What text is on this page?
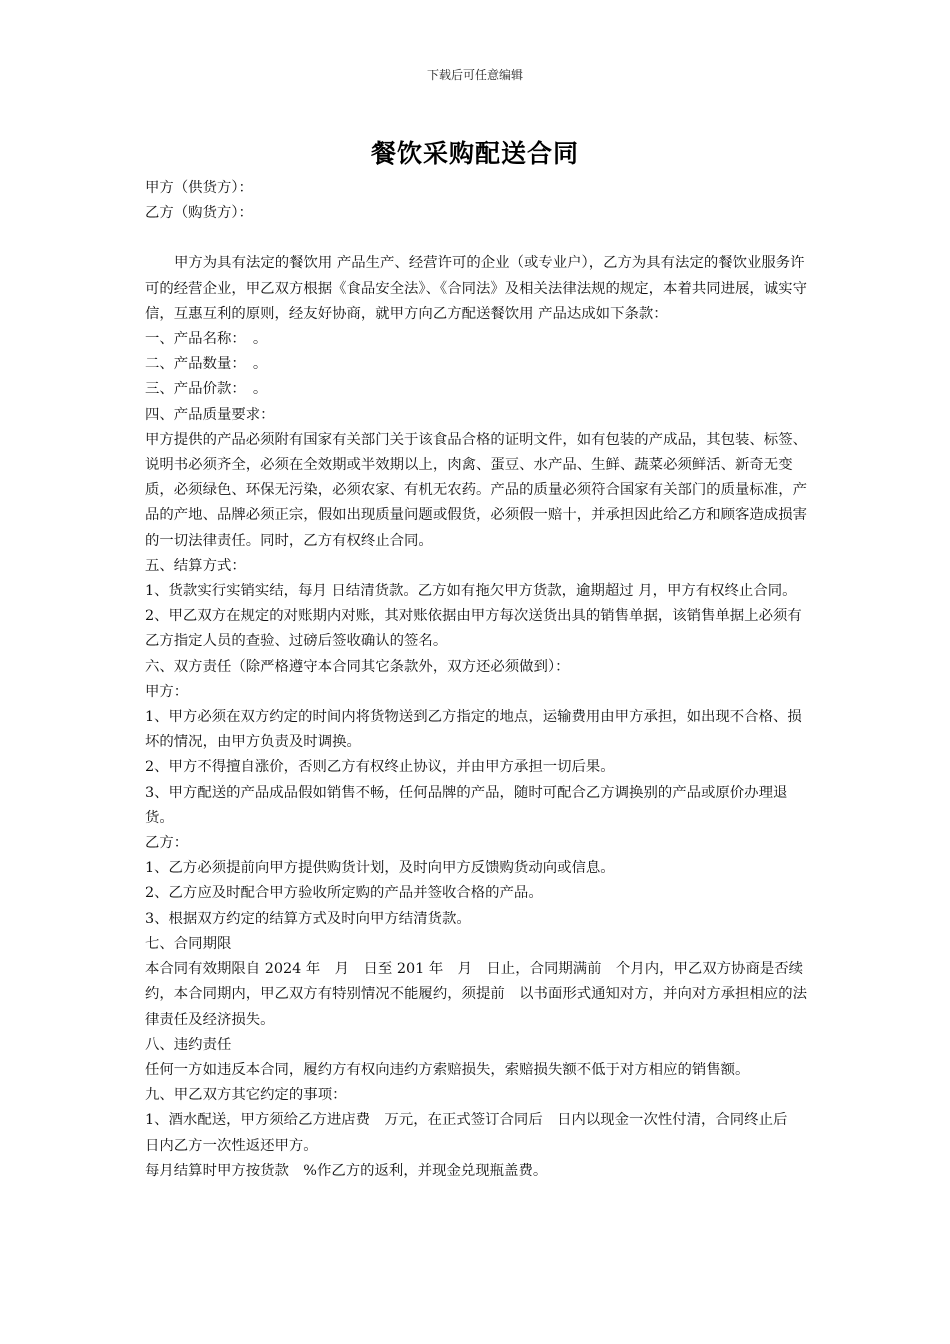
下载后可任意编辑
餐饮采购配送合同

甲方（供货方）：

乙方（购货方）：

甲方为具有法定的餐饮用 产品生产、经营许可的企业（或专业户），乙方为具有法定的餐饮业服务许可的经营企业，甲乙双方根据《食品安全法》、《合同法》及相关法律法规的规定，本着共同进展，诚实守信，互惠互利的原则，经友好协商，就甲方向乙方配送餐饮用 产品达成如下条款：

一、产品名称：　。

二、产品数量：　。

三、产品价款：　。

四、产品质量要求：

甲方提供的产品必须附有国家有关部门关于该食品合格的证明文件，如有包装的产成品，其包装、标签、说明书必须齐全，必须在全效期或半效期以上，肉禽、蛋豆、水产品、生鲜、蔬菜必须鲜活、新奇无变质，必须绿色、环保无污染，必须农家、有机无农药。产品的质量必须符合国家有关部门的质量标准，产品的产地、品牌必须正宗，假如出现质量问题或假货，必须假一赔十，并承担因此给乙方和顾客造成损害的一切法律责任。同时，乙方有权终止合同。

五、结算方式：

1、货款实行实销实结，每月 日结清货款。乙方如有拖欠甲方货款，逾期超过 月，甲方有权终止合同。

2、甲乙双方在规定的对账期内对账，其对账依据由甲方每次送货出具的销售单据，该销售单据上必须有乙方指定人员的查验、过磅后签收确认的签名。

六、双方责任（除严格遵守本合同其它条款外，双方还必须做到）：

甲方：

1、甲方必须在双方约定的时间内将货物送到乙方指定的地点，运输费用由甲方承担，如出现不合格、损坏的情况，由甲方负责及时调换。

2、甲方不得擅自涨价，否则乙方有权终止协议，并由甲方承担一切后果。

3、甲方配送的产品成品假如销售不畅，任何品牌的产品，随时可配合乙方调换别的产品或原价办理退货。

乙方：

1、乙方必须提前向甲方提供购货计划，及时向甲方反馈购货动向或信息。

2、乙方应及时配合甲方验收所定购的产品并签收合格的产品。

3、根据双方约定的结算方式及时向甲方结清货款。

七、合同期限

本合同有效期限自 2024 年　月　日至 201 年　月　日止，合同期满前　个月内，甲乙双方协商是否续约，本合同期内，甲乙双方有特别情况不能履约，须提前　以书面形式通知对方，并向对方承担相应的法律责任及经济损失。

八、违约责任

任何一方如违反本合同，履约方有权向违约方索赔损失，索赔损失额不低于对方相应的销售额。

九、甲乙双方其它约定的事项：

1、酒水配送，甲方须给乙方进店费　万元，在正式签订合同后　日内以现金一次性付清，合同终止后　日内乙方一次性返还甲方。

每月结算时甲方按货款　%作乙方的返利，并现金兑现瓶盖费。
